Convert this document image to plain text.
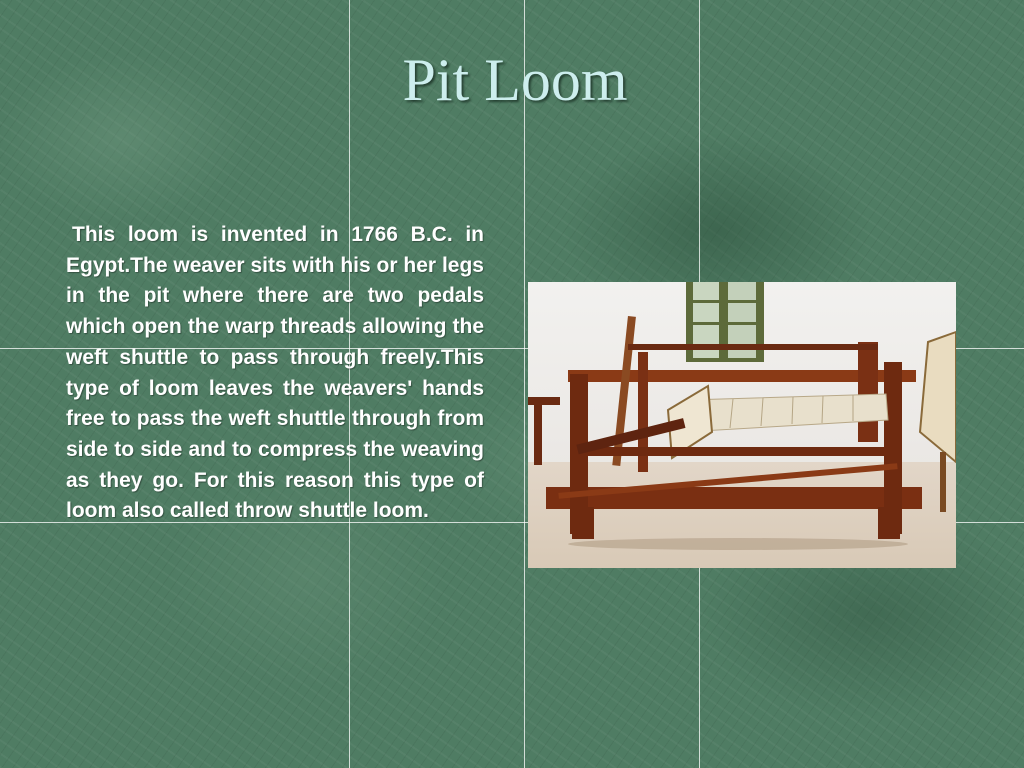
Pit Loom

This loom is invented in 1766 B.C. in Egypt.The weaver sits with his or her legs in the pit where there are two pedals which open the warp threads allowing the weft shuttle to pass through freely.This type of loom leaves the weavers' hands free to pass the weft shuttle through from side to side and to compress the weaving as they go. For this reason this type of loom also called throw shuttle loom.
